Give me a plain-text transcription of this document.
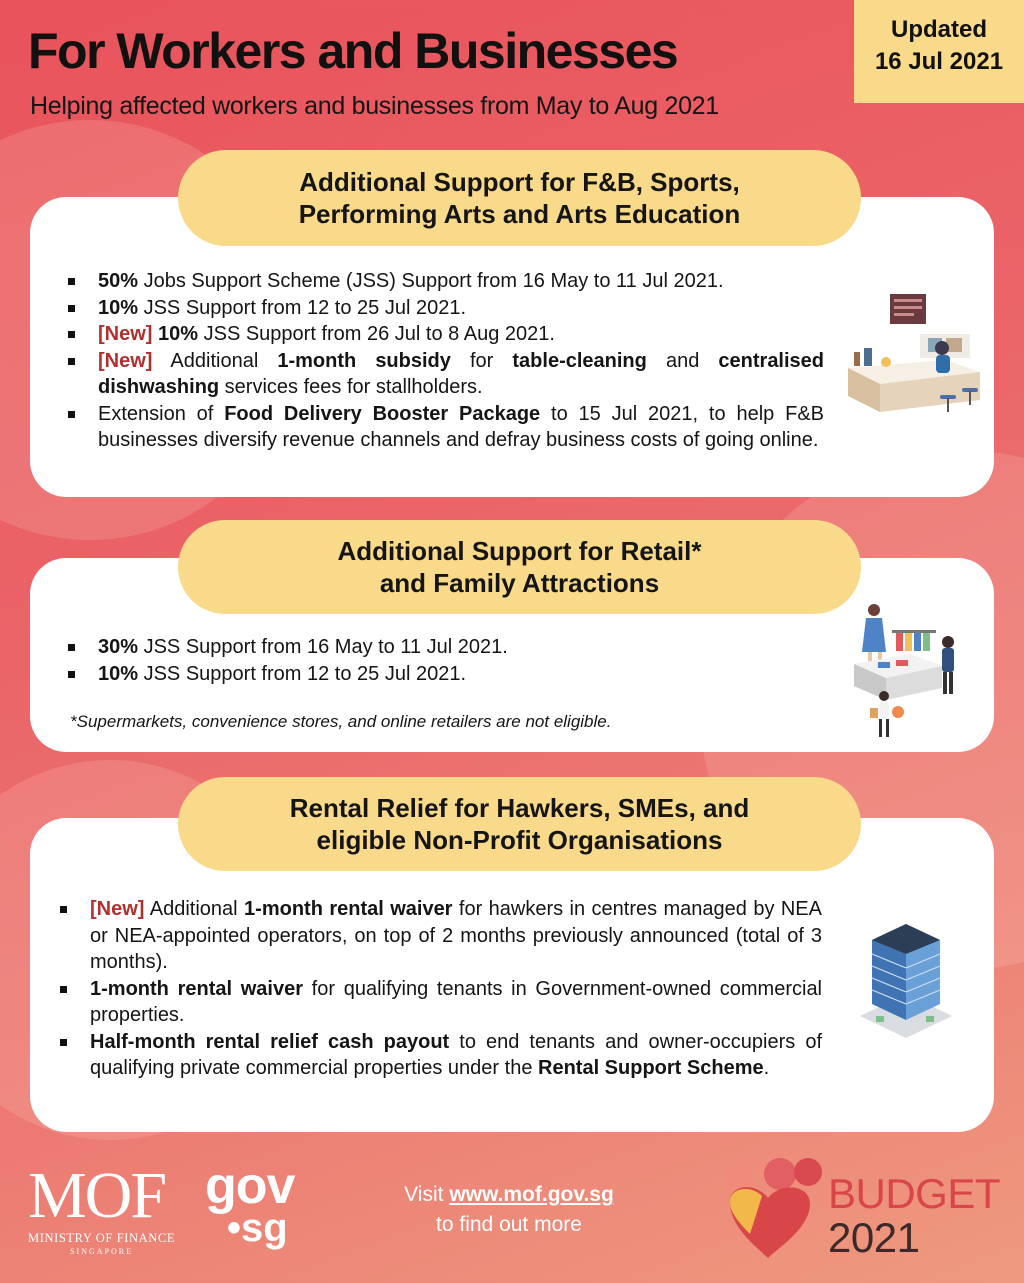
For Workers and Businesses
Helping affected workers and businesses from May to Aug 2021
Updated
16 Jul 2021
Additional Support for F&B, Sports,
Performing Arts and Arts Education
50% Jobs Support Scheme (JSS) Support from 16 May to 11 Jul 2021.
10% JSS Support from 12 to 25 Jul 2021.
[New] 10% JSS Support from 26 Jul to 8 Aug 2021.
[New] Additional 1-month subsidy for table-cleaning and centralised dishwashing services fees for stallholders.
Extension of Food Delivery Booster Package to 15 Jul 2021, to help F&B businesses diversify revenue channels and defray business costs of going online.
Additional Support for Retail*
and Family Attractions
30% JSS Support from 16 May to 11 Jul 2021.
10% JSS Support from 12 to 25 Jul 2021.
*Supermarkets, convenience stores, and online retailers are not eligible.
Rental Relief for Hawkers, SMEs, and
eligible Non-Profit Organisations
[New] Additional 1-month rental waiver for hawkers in centres managed by NEA or NEA-appointed operators, on top of 2 months previously announced (total of 3 months).
1-month rental waiver for qualifying tenants in Government-owned commercial properties.
Half-month rental relief cash payout to end tenants and owner-occupiers of qualifying private commercial properties under the Rental Support Scheme.
MOF
MINISTRY OF FINANCE
SINGAPORE
gov
•sg
Visit www.mof.gov.sg
to find out more
BUDGET
2021
